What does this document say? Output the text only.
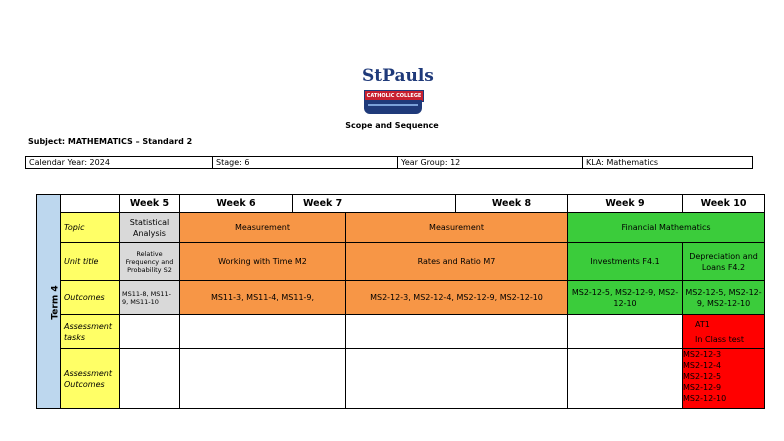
StPauls
CATHOLIC COLLEGE
Scope and Sequence
Subject: MATHEMATICS – Standard 2
Calendar Year: 2024	Stage: 6	Year Group: 12	KLA: Mathematics
Term 4		Week 5	Week 6	Week 7		Week 8	Week 9	Week 10
	Topic	Statistical Analysis	Measurement		Measurement		Financial Mathematics	
	Unit title	Relative Frequency and Probability S2	Working with Time M2		Rates and Ratio M7		Investments F4.1	Depreciation and Loans F4.2
	Outcomes	MS11-8, MS11-9, MS11-10	MS11-3, MS11-4, MS11-9,		MS2-12-3, MS2-12-4, MS2-12-9, MS2-12-10		MS2-12-5, MS2-12-9, MS2-12-10	MS2-12-5, MS2-12-9, MS2-12-10
	Assessment tasks							AT1
In Class test

	Assessment Outcomes							MS2-12-3
MS2-12-4
MS2-12-5
MS2-12-9
MS2-12-10
